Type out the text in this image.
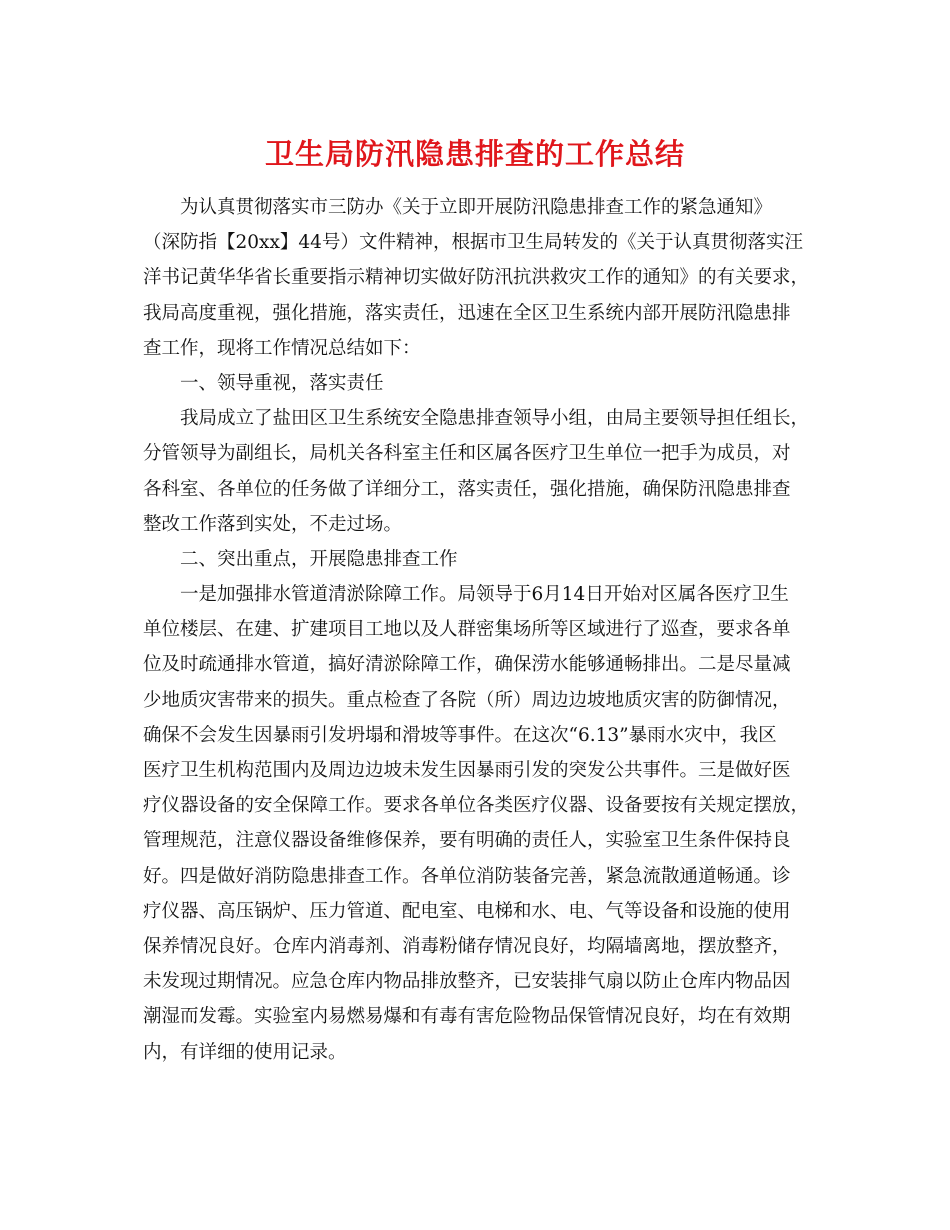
卫生局防汛隐患排查的工作总结
为认真贯彻落实市三防办《关于立即开展防汛隐患排查工作的紧急通知》
（深防指【20xx】44号）文件精神，根据市卫生局转发的《关于认真贯彻落实汪
洋书记黄华华省长重要指示精神切实做好防汛抗洪救灾工作的通知》的有关要求，
我局高度重视，强化措施，落实责任，迅速在全区卫生系统内部开展防汛隐患排
查工作，现将工作情况总结如下：
一、领导重视，落实责任
我局成立了盐田区卫生系统安全隐患排查领导小组，由局主要领导担任组长，
分管领导为副组长，局机关各科室主任和区属各医疗卫生单位一把手为成员，对
各科室、各单位的任务做了详细分工，落实责任，强化措施，确保防汛隐患排查
整改工作落到实处，不走过场。
二、突出重点，开展隐患排查工作
一是加强排水管道清淤除障工作。局领导于6月14日开始对区属各医疗卫生
单位楼层、在建、扩建项目工地以及人群密集场所等区域进行了巡查，要求各单
位及时疏通排水管道，搞好清淤除障工作，确保涝水能够通畅排出。二是尽量减
少地质灾害带来的损失。重点检查了各院（所）周边边坡地质灾害的防御情况，
确保不会发生因暴雨引发坍塌和滑坡等事件。在这次“6.13”暴雨水灾中，我区
医疗卫生机构范围内及周边边坡未发生因暴雨引发的突发公共事件。三是做好医
疗仪器设备的安全保障工作。要求各单位各类医疗仪器、设备要按有关规定摆放，
管理规范，注意仪器设备维修保养，要有明确的责任人，实验室卫生条件保持良
好。四是做好消防隐患排查工作。各单位消防装备完善，紧急流散通道畅通。诊
疗仪器、高压锅炉、压力管道、配电室、电梯和水、电、气等设备和设施的使用
保养情况良好。仓库内消毒剂、消毒粉储存情况良好，均隔墙离地，摆放整齐，
未发现过期情况。应急仓库内物品排放整齐，已安装排气扇以防止仓库内物品因
潮湿而发霉。实验室内易燃易爆和有毒有害危险物品保管情况良好，均在有效期
内，有详细的使用记录。
